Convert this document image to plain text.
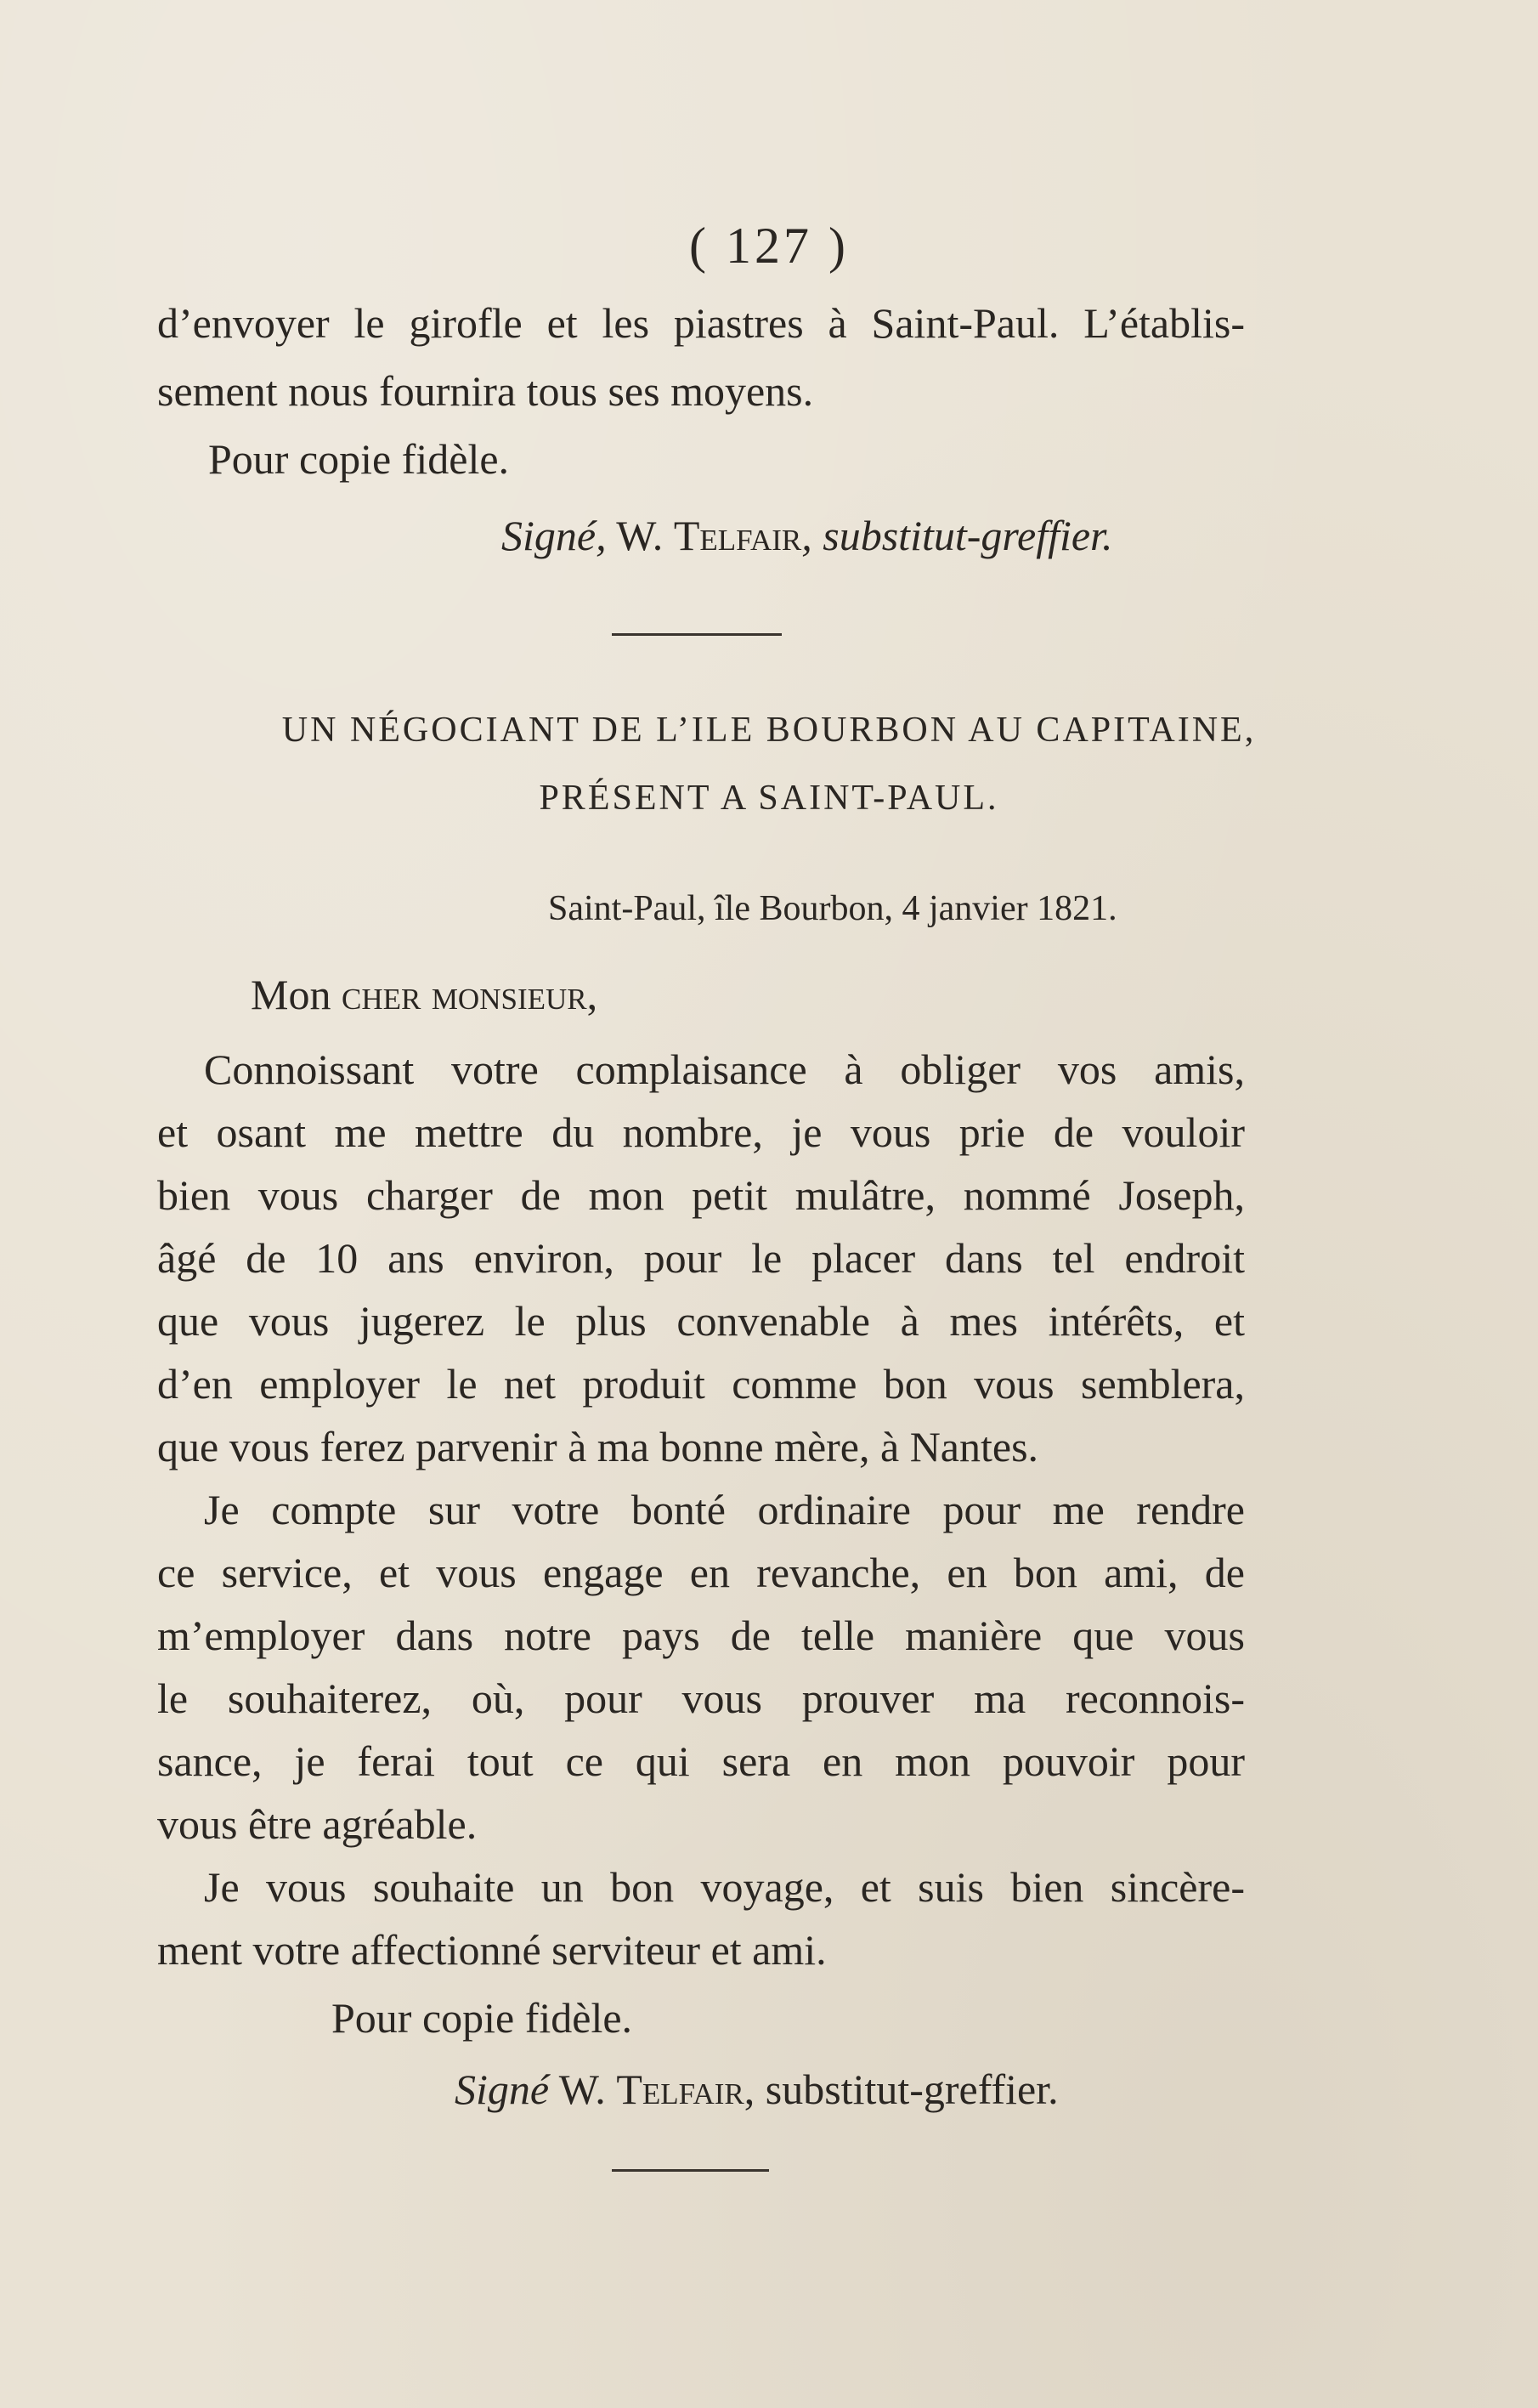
( 127 )
d’envoyer le girofle et les piastres à Saint-Paul. L’établis-
sement nous fournira tous ses moyens.
Pour copie fidèle.
Signé, W. Telfair, substitut-greffier.
UN NÉGOCIANT DE L’ILE BOURBON AU CAPITAINE,
PRÉSENT A SAINT-PAUL.
Saint-Paul, île Bourbon, 4 janvier 1821.
Mon cher monsieur,
Connoissant votre complaisance à obliger vos amis,
et osant me mettre du nombre, je vous prie de vouloir
bien vous charger de mon petit mulâtre, nommé Joseph,
âgé de 10 ans environ, pour le placer dans tel endroit
que vous jugerez le plus convenable à mes intérêts, et
d’en employer le net produit comme bon vous semblera,
que vous ferez parvenir à ma bonne mère, à Nantes.
Je compte sur votre bonté ordinaire pour me rendre
ce service, et vous engage en revanche, en bon ami, de
m’employer dans notre pays de telle manière que vous
le souhaiterez, où, pour vous prouver ma reconnois-
sance, je ferai tout ce qui sera en mon pouvoir pour
vous être agréable.
Je vous souhaite un bon voyage, et suis bien sincère-
ment votre affectionné serviteur et ami.
Pour copie fidèle.
Signé W. Telfair, substitut-greffier.
